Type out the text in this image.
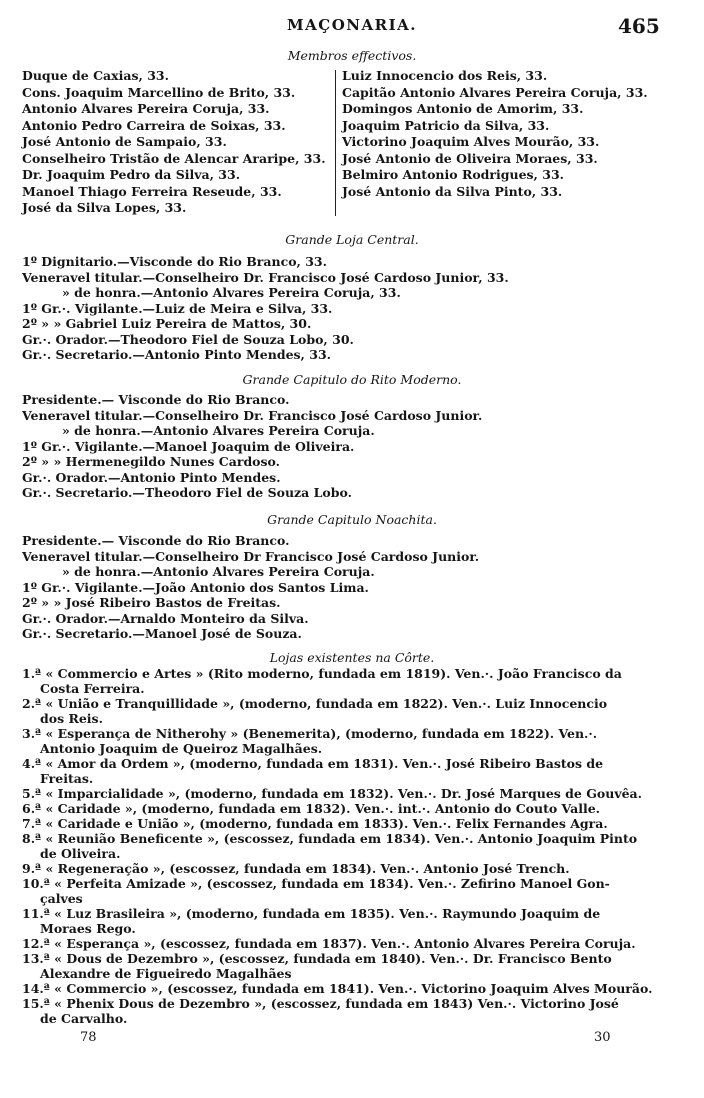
MAÇONARIA.	465
Membros effectivos.
Duque de Caxias, 33.
Cons. Joaquim Marcellino de Brito, 33.
Antonio Alvares Pereira Coruja, 33.
Antonio Pedro Carreira de Soixas, 33.
José Antonio de Sampaio, 33.
Conselheiro Tristão de Alencar Araripe, 33.
Dr. Joaquim Pedro da Silva, 33.
Manoel Thiago Ferreira Reseude, 33.
José da Silva Lopes, 33.
Luiz Innocencio dos Reis, 33.
Capitão Antonio Alvares Pereira Coruja, 33.
Domingos Antonio de Amorim, 33.
Joaquim Patricio da Silva, 33.
Victorino Joaquim Alves Mourão, 33.
José Antonio de Oliveira Moraes, 33.
Belmiro Antonio Rodrigues, 33.
José Antonio da Silva Pinto, 33.
Grande Loja Central.
1º Dignitario.—Visconde do Rio Branco, 33.
Veneravel titular.—Conselheiro Dr. Francisco José Cardoso Junior, 33.
» de honra.—Antonio Alvares Pereira Coruja, 33.
1º Gr.·. Vigilante.—Luiz de Meira e Silva, 33.
2º » » Gabriel Luiz Pereira de Mattos, 30.
Gr.·. Orador.—Theodoro Fiel de Souza Lobo, 30.
Gr.·. Secretario.—Antonio Pinto Mendes, 33.
Grande Capitulo do Rito Moderno.
Presidente.— Visconde do Rio Branco.
Veneravel titular.—Conselheiro Dr. Francisco José Cardoso Junior.
» de honra.—Antonio Alvares Pereira Coruja.
1º Gr.·. Vigilante.—Manoel Joaquim de Oliveira.
2º » » Hermenegildo Nunes Cardoso.
Gr.·. Orador.—Antonio Pinto Mendes.
Gr.·. Secretario.—Theodoro Fiel de Souza Lobo.
Grande Capitulo Noachita.
Presidente.— Visconde do Rio Branco.
Veneravel titular.—Conselheiro Dr Francisco José Cardoso Junior.
» de honra.—Antonio Alvares Pereira Coruja.
1º Gr.·. Vigilante.—João Antonio dos Santos Lima.
2º » » José Ribeiro Bastos de Freitas.
Gr.·. Orador.—Arnaldo Monteiro da Silva.
Gr.·. Secretario.—Manoel José de Souza.
Lojas existentes na Côrte.
1.ª « Commercio e Artes » (Rito moderno, fundada em 1819). Ven.·. João Francisco da
Costa Ferreira.
2.ª « União e Tranquillidade », (moderno, fundada em 1822). Ven.·. Luiz Innocencio
dos Reis.
3.ª « Esperança de Nitherohy » (Benemerita), (moderno, fundada em 1822). Ven.·.
Antonio Joaquim de Queiroz Magalhães.
4.ª « Amor da Ordem », (moderno, fundada em 1831). Ven.·. José Ribeiro Bastos de
Freitas.
5.ª « Imparcialidade », (moderno, fundada em 1832). Ven.·. Dr. José Marques de Gouvêa.
6.ª « Caridade », (moderno, fundada em 1832). Ven.·. int.·. Antonio do Couto Valle.
7.ª « Caridade e União », (moderno, fundada em 1833). Ven.·. Felix Fernandes Agra.
8.ª « Reunião Beneficente », (escossez, fundada em 1834). Ven.·. Antonio Joaquim Pinto
de Oliveira.
9.ª « Regeneração », (escossez, fundada em 1834). Ven.·. Antonio José Trench.
10.ª « Perfeita Amizade », (escossez, fundada em 1834). Ven.·. Zefirino Manoel Gon-
çalves
11.ª « Luz Brasileira », (moderno, fundada em 1835). Ven.·. Raymundo Joaquim de
Moraes Rego.
12.ª « Esperança », (escossez, fundada em 1837). Ven.·. Antonio Alvares Pereira Coruja.
13.ª « Dous de Dezembro », (escossez, fundada em 1840). Ven.·. Dr. Francisco Bento
Alexandre de Figueiredo Magalhães
14.ª « Commercio », (escossez, fundada em 1841). Ven.·. Victorino Joaquim Alves Mourão.
15.ª « Phenix Dous de Dezembro », (escossez, fundada em 1843) Ven.·. Victorino José
de Carvalho.
78	30
